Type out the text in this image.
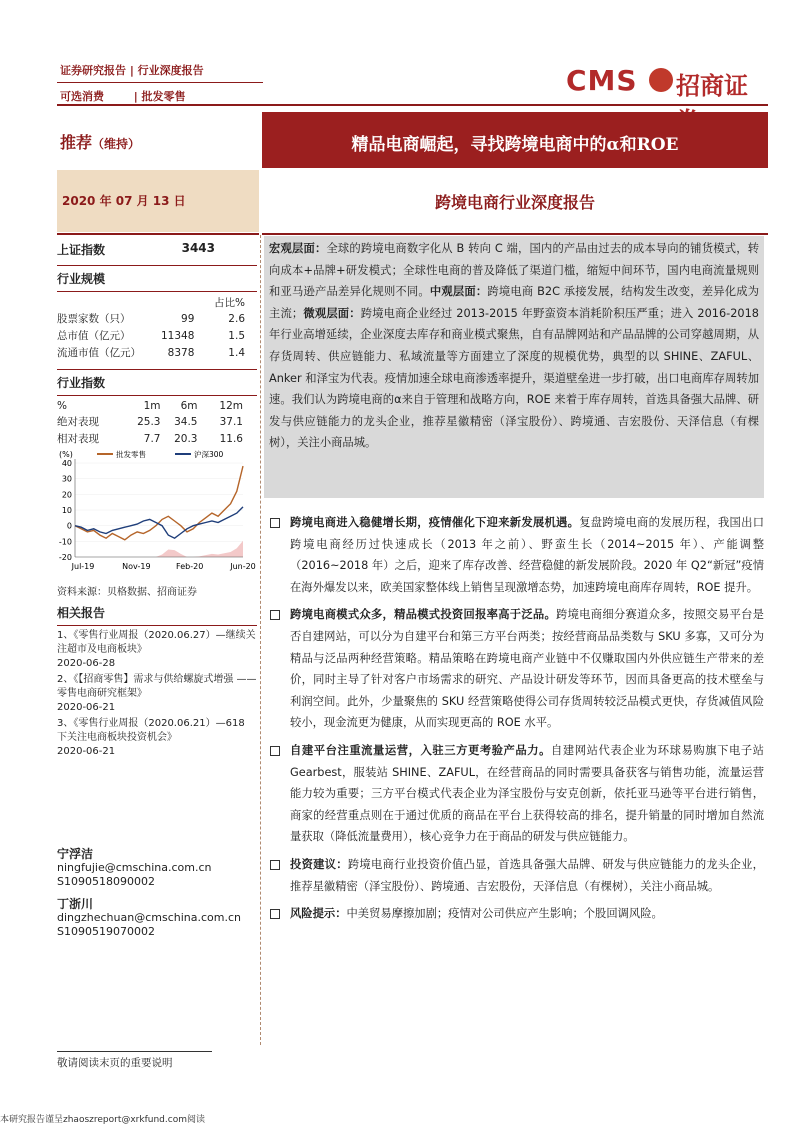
证券研究报告 | 行业深度报告
可选消费	| 批发零售	CMS 招商证
推荐（维持）	精品电商崛起，寻找跨境电商中的α和ROE
2020 年 07 月 13 日	跨境电商行业深度报告
上证指数	3443
行业规模
占比%
股票家数（只）	99	2.6
总市值（亿元）	11348	1.5
流通市值（亿元）	8378	1.4
行业指数
%	1m	6m	12m
绝对表现	25.3	34.5	37.1
相对表现	7.7	20.3	11.6
(%)	批发零售	沪深300
40
30
20
10
0
-10
-20
Jul-19	Nov-19	Feb-20	Jun-20
资料来源：贝格数据、招商证券
相关报告
1、《零售行业周报（2020.06.27）—继续关注超市及电商板块》
2020-06-28
2、《【招商零售】需求与供给螺旋式增强 ——零售电商研究框架》
2020-06-21
3、《零售行业周报（2020.06.21）—618 下关注电商板块投资机会》
2020-06-21
宁浮洁
ningfujie@cmschina.com.cn
S1090518090002
丁浙川
dingzhechuan@cmschina.com.cn
S1090519070002

宏观层面：全球的跨境电商数字化从 B 转向 C 端，国内的产品由过去的成本导向的铺货模式，转向成本+品牌+研发模式；全球性电商的普及降低了渠道门槛，缩短中间环节，国内电商流量规则和亚马逊产品差异化规则不同。中观层面：跨境电商 B2C 承接发展，结构发生改变，差异化成为主流；微观层面：跨境电商企业经过 2013-2015 年野蛮资本消耗阶积压严重；进入 2016-2018 年行业高增延续，企业深度去库存和商业模式聚焦，自有品牌网站和产品品牌的公司穿越周期，从存货周转、供应链能力、私域流量等方面建立了深度的规模优势，典型的以 SHINE、ZAFUL、Anker 和泽宝为代表。疫情加速全球电商渗透率提升，渠道壁垒进一步打破，出口电商库存周转加速。我们认为跨境电商的α来自于管理和战略方向，ROE 来着于库存周转，首选具备强大品牌、研发与供应链能力的龙头企业，推荐星徽精密（泽宝股份）、跨境通、吉宏股份、天泽信息（有棵树），关注小商品城。

跨境电商进入稳健增长期，疫情催化下迎来新发展机遇。复盘跨境电商的发展历程，我国出口跨境电商经历过快速成长（2013 年之前）、野蛮生长（2014~2015 年）、产能调整（2016~2018 年）之后，迎来了库存改善、经营稳健的新发展阶段。2020 年 Q2“新冠”疫情在海外爆发以来，欧美国家整体线上销售呈现激增态势，加速跨境电商库存周转，ROE 提升。
跨境电商模式众多，精品模式投资回报率高于泛品。跨境电商细分赛道众多，按照交易平台是否自建网站，可以分为自建平台和第三方平台两类；按经营商品品类数与 SKU 多寡，又可分为精品与泛品两种经营策略。精品策略在跨境电商产业链中不仅赚取国内外供应链生产带来的差价，同时主导了针对客户市场需求的研究、产品设计研发等环节，因而具备更高的技术壁垒与利润空间。此外，少量聚焦的 SKU 经营策略使得公司存货周转较泛品模式更快，存货减值风险较小，现金流更为健康，从而实现更高的 ROE 水平。
自建平台注重流量运营，入驻三方更考验产品力。自建网站代表企业为环球易购旗下电子站 Gearbest，服装站 SHINE、ZAFUL，在经营商品的同时需要具备获客与销售功能，流量运营能力较为重要；三方平台模式代表企业为泽宝股份与安克创新，依托亚马逊等平台进行销售，商家的经营重点则在于通过优质的商品在平台上获得较高的排名，提升销量的同时增加自然流量获取（降低流量费用），核心竞争力在于商品的研发与供应链能力。
投资建议：跨境电商行业投资价值凸显，首选具备强大品牌、研发与供应链能力的龙头企业，推荐星徽精密（泽宝股份）、跨境通、吉宏股份，天泽信息（有棵树），关注小商品城。
风险提示：中美贸易摩擦加剧；疫情对公司供应产生影响；个股回调风险。
敬请阅读末页的重要说明
本研究报告谨呈zhaoszreport@xrkfund.com阅读
